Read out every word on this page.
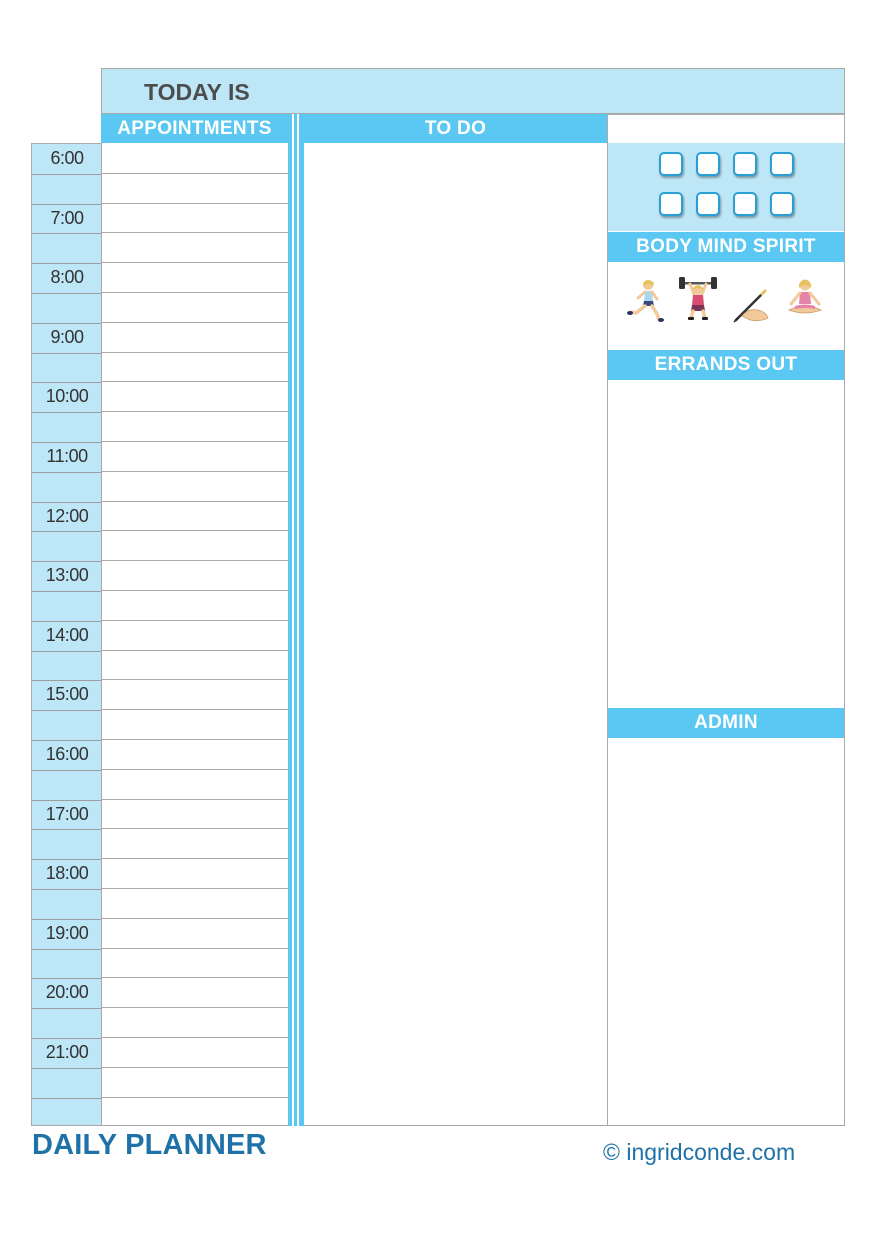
TODAY IS
APPOINTMENTS	TO DO
6:00
7:00
8:00
9:00
10:00
11:00
12:00
13:00
14:00
15:00
16:00
17:00
18:00
19:00
20:00
21:00
BODY MIND SPIRIT
ERRANDS OUT
ADMIN
DAILY PLANNER	© ingridconde.com
